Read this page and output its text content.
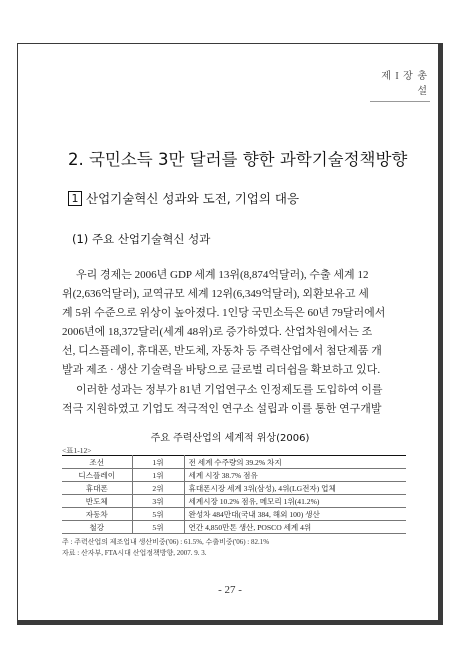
제 I 장 총 설
2. 국민소득 3만 달러를 향한 과학기술정책방향
1 산업기술혁신 성과와 도전, 기업의 대응
(1) 주요 산업기술혁신 성과
우리 경제는 2006년 GDP 세계 13위(8,874억달러), 수출 세계 12
위(2,636억달러), 교역규모 세계 12위(6,349억달러), 외환보유고 세
계 5위 수준으로 위상이 높아졌다. 1인당 국민소득은 60년 79달러에서
2006년에 18,372달러(세계 48위)로 증가하였다. 산업차원에서는 조
선, 디스플레이, 휴대폰, 반도체, 자동차 등 주력산업에서 첨단제품 개
발과 제조 · 생산 기술력을 바탕으로 글로벌 리더쉽을 확보하고 있다.
이러한 성과는 정부가 81년 기업연구소 인정제도를 도입하여 이를
적극 지원하였고 기업도 적극적인 연구소 설립과 이를 통한 연구개발
주요 주력산업의 세계적 위상(2006)
<표1-12>
조선	1위	전 세계 수주량의 39.2% 차지
디스플레이	1위	세계 시장 38.7% 점유
휴대폰	2위	휴대폰시장 세계 3위(삼성), 4위(LG전자) 업체
반도체	3위	세계시장 10.2% 점유, 메모리 1위(41.2%)
자동차	5위	완성차 484만대(국내 384, 해외 100) 생산
철강	5위	연간 4,850만톤 생산, POSCO 세계 4위
주 : 주력산업의 제조업내 생산비중('06) : 61.5%, 수출비중('06) : 82.1%
자료 : 산자부, FTA시대 산업정책방향, 2007. 9. 3.
- 27 -
